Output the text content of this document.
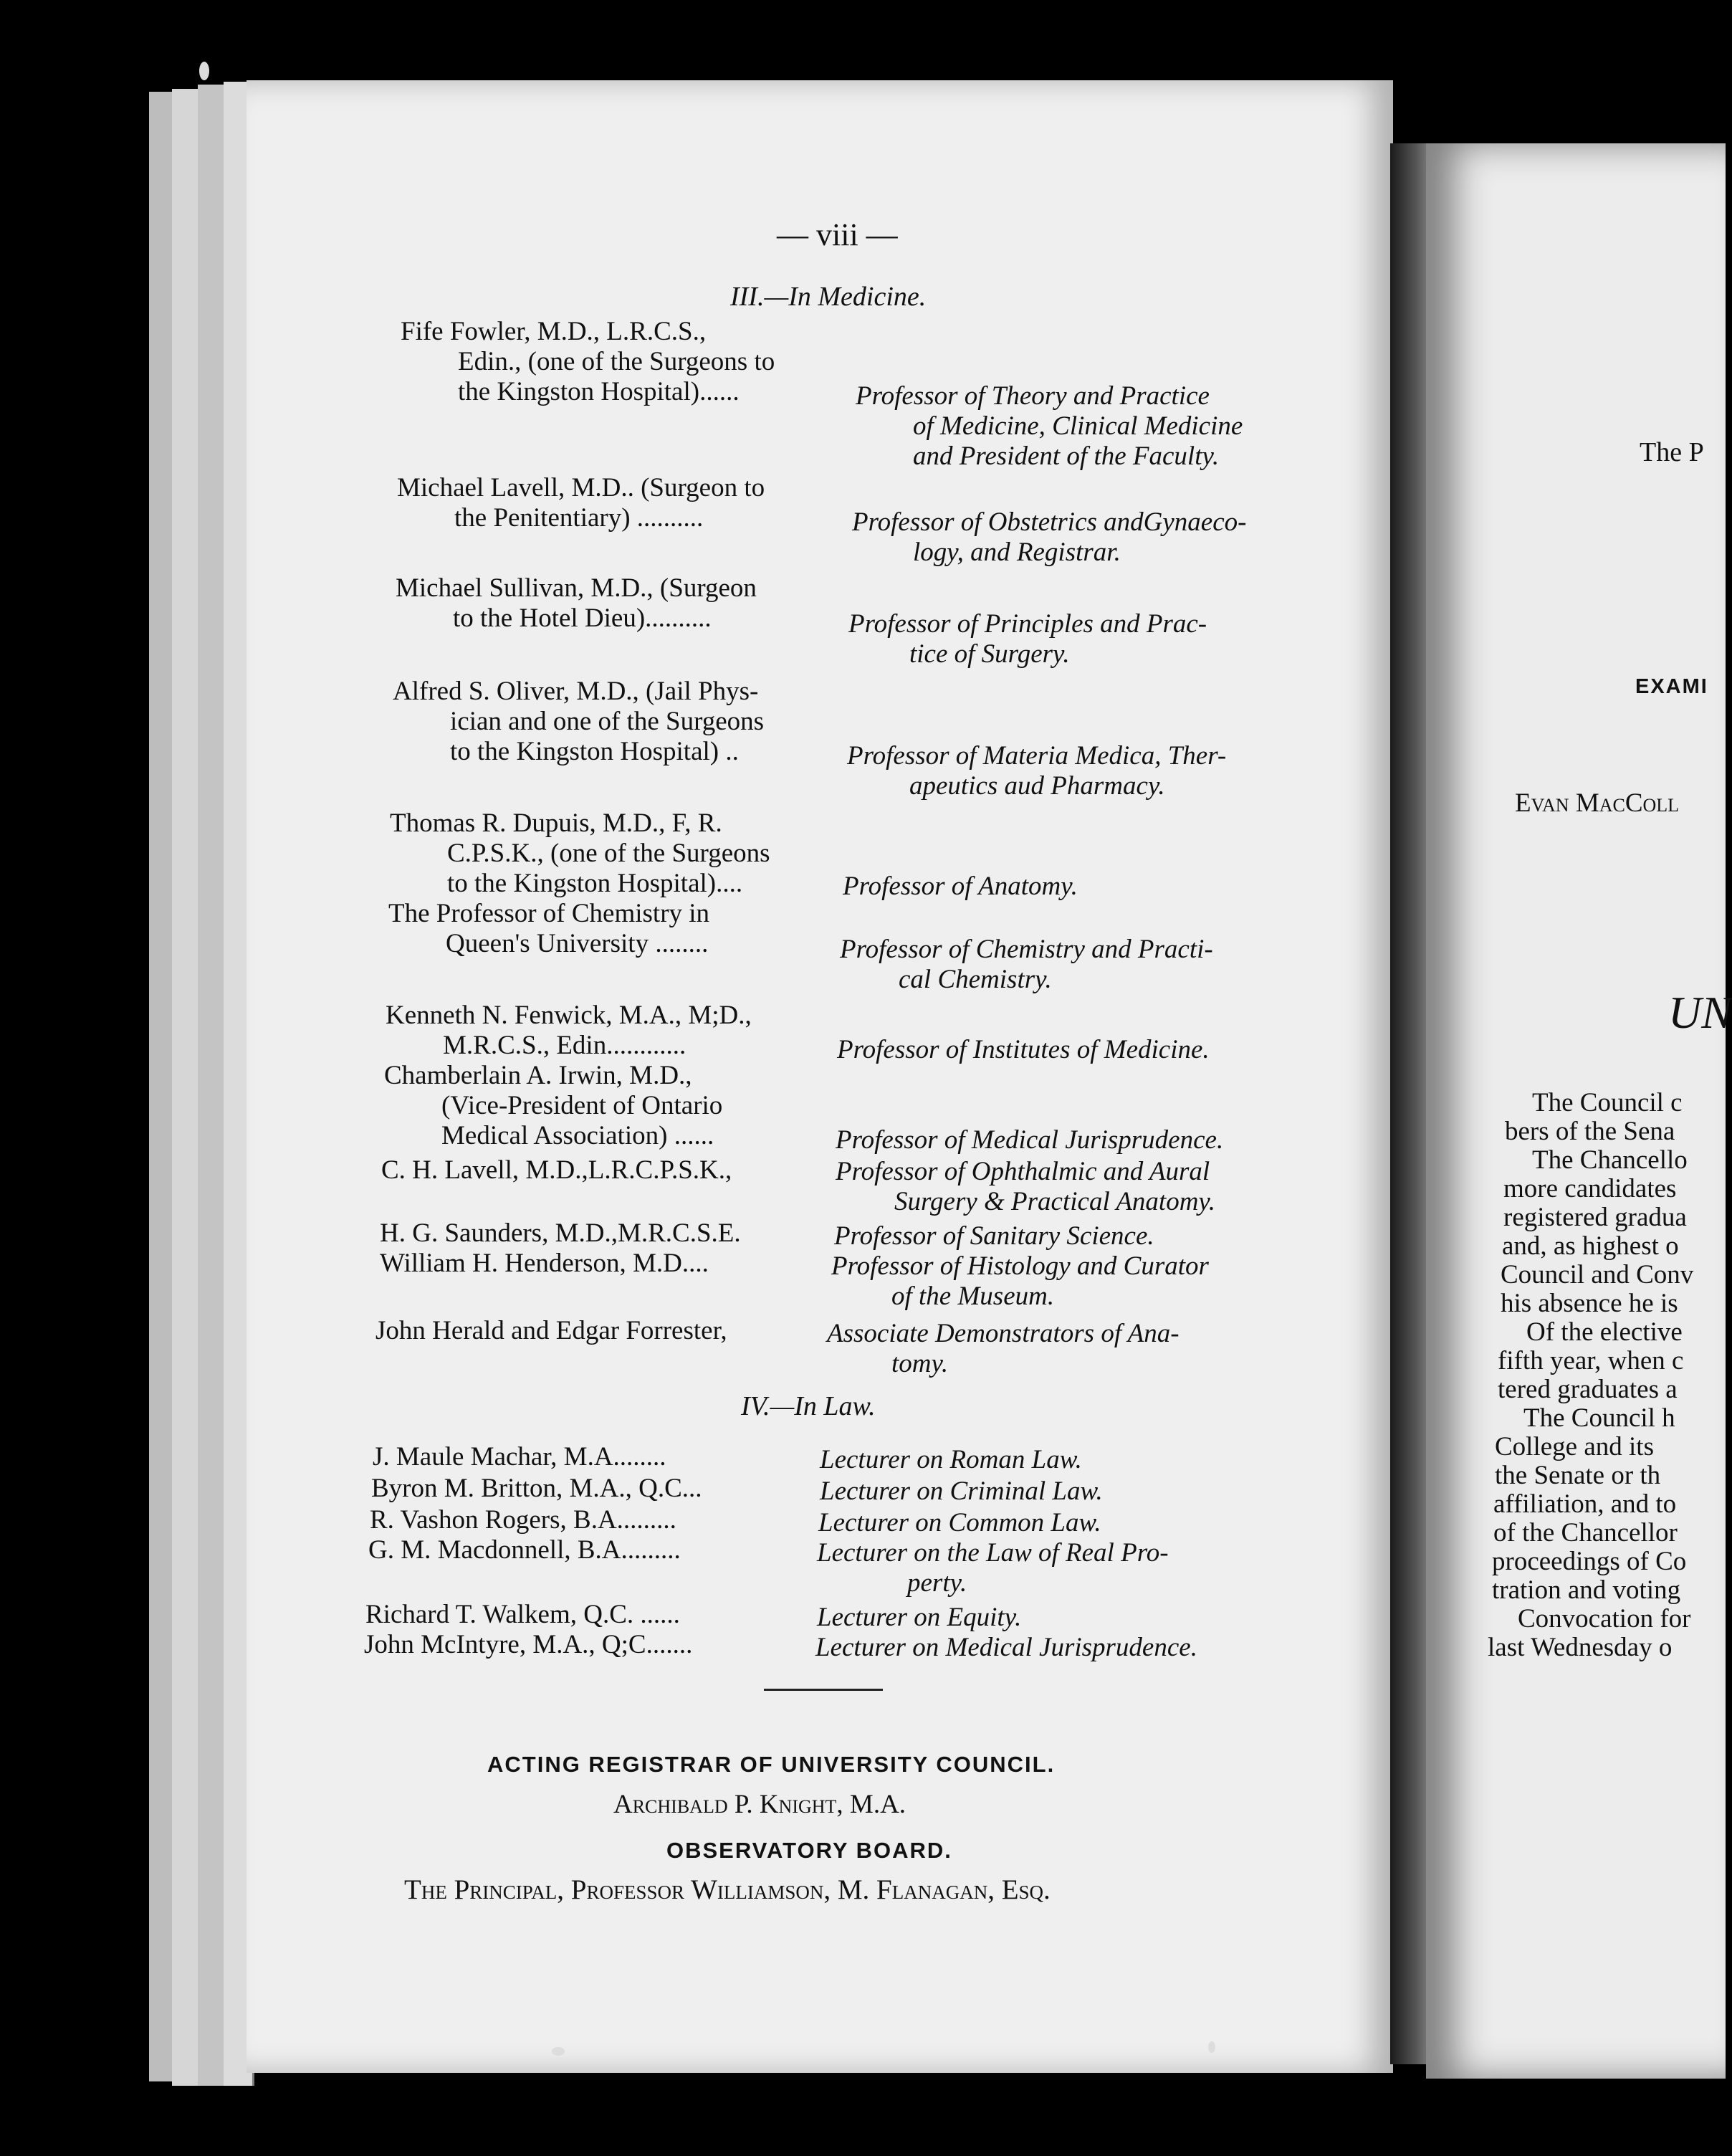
— viii —
III.—In Medicine.
Fife Fowler, M.D., L.R.C.S.,
Edin., (one of the Surgeons to
the Kingston Hospital)......	Professor of Theory and Practice
of Medicine, Clinical Medicine
and President of the Faculty.
Michael Lavell, M.D.. (Surgeon to
the Penitentiary) ..........	Professor of Obstetrics andGynaeco-
logy, and Registrar.
Michael Sullivan, M.D., (Surgeon
to the Hotel Dieu)..........	Professor of Principles and Prac-
tice of Surgery.
Alfred S. Oliver, M.D., (Jail Phys-
ician and one of the Surgeons
to the Kingston Hospital) ..	Professor of Materia Medica, Ther-
apeutics aud Pharmacy.
Thomas R. Dupuis, M.D., F, R.
C.P.S.K., (one of the Surgeons
to the Kingston Hospital)....	Professor of Anatomy.
The Professor of Chemistry in
Queen's University ........	Professor of Chemistry and Practi-
cal Chemistry.
Kenneth N. Fenwick, M.A., M;D.,
M.R.C.S., Edin............	Professor of Institutes of Medicine.
Chamberlain A. Irwin, M.D.,
(Vice-President of Ontario
Medical Association) ......	Professor of Medical Jurisprudence.
C. H. Lavell, M.D.,L.R.C.P.S.K.,	Professor of Ophthalmic and Aural
Surgery & Practical Anatomy.
H. G. Saunders, M.D.,M.R.C.S.E.	Professor of Sanitary Science.
William H. Henderson, M.D....	Professor of Histology and Curator
of the Museum.
John Herald and Edgar Forrester,	Associate Demonstrators of Ana-
tomy.
IV.—In Law.
J. Maule Machar, M.A........	Lecturer on Roman Law.
Byron M. Britton, M.A., Q.C...	Lecturer on Criminal Law.
R. Vashon Rogers, B.A.........	Lecturer on Common Law.
G. M. Macdonnell, B.A.........	Lecturer on the Law of Real Pro-
perty.
Richard T. Walkem, Q.C. ......	Lecturer on Equity.
John McIntyre, M.A., Q;C.......	Lecturer on Medical Jurisprudence.
ACTING REGISTRAR OF UNIVERSITY COUNCIL.
Archibald P. Knight, M.A.
OBSERVATORY BOARD.
The Principal, Professor Williamson, M. Flanagan, Esq.
The P
EXAMI
Evan MacColl
UN
The Council c
bers of the Sena
The Chancello
more candidates
registered gradua
and, as highest o
Council and Conv
his absence he is
Of the elective
fifth year, when c
tered graduates a
The Council h
College and its
the Senate or th
affiliation, and to
of the Chancellor
proceedings of Co
tration and voting
Convocation for
last Wednesday o
